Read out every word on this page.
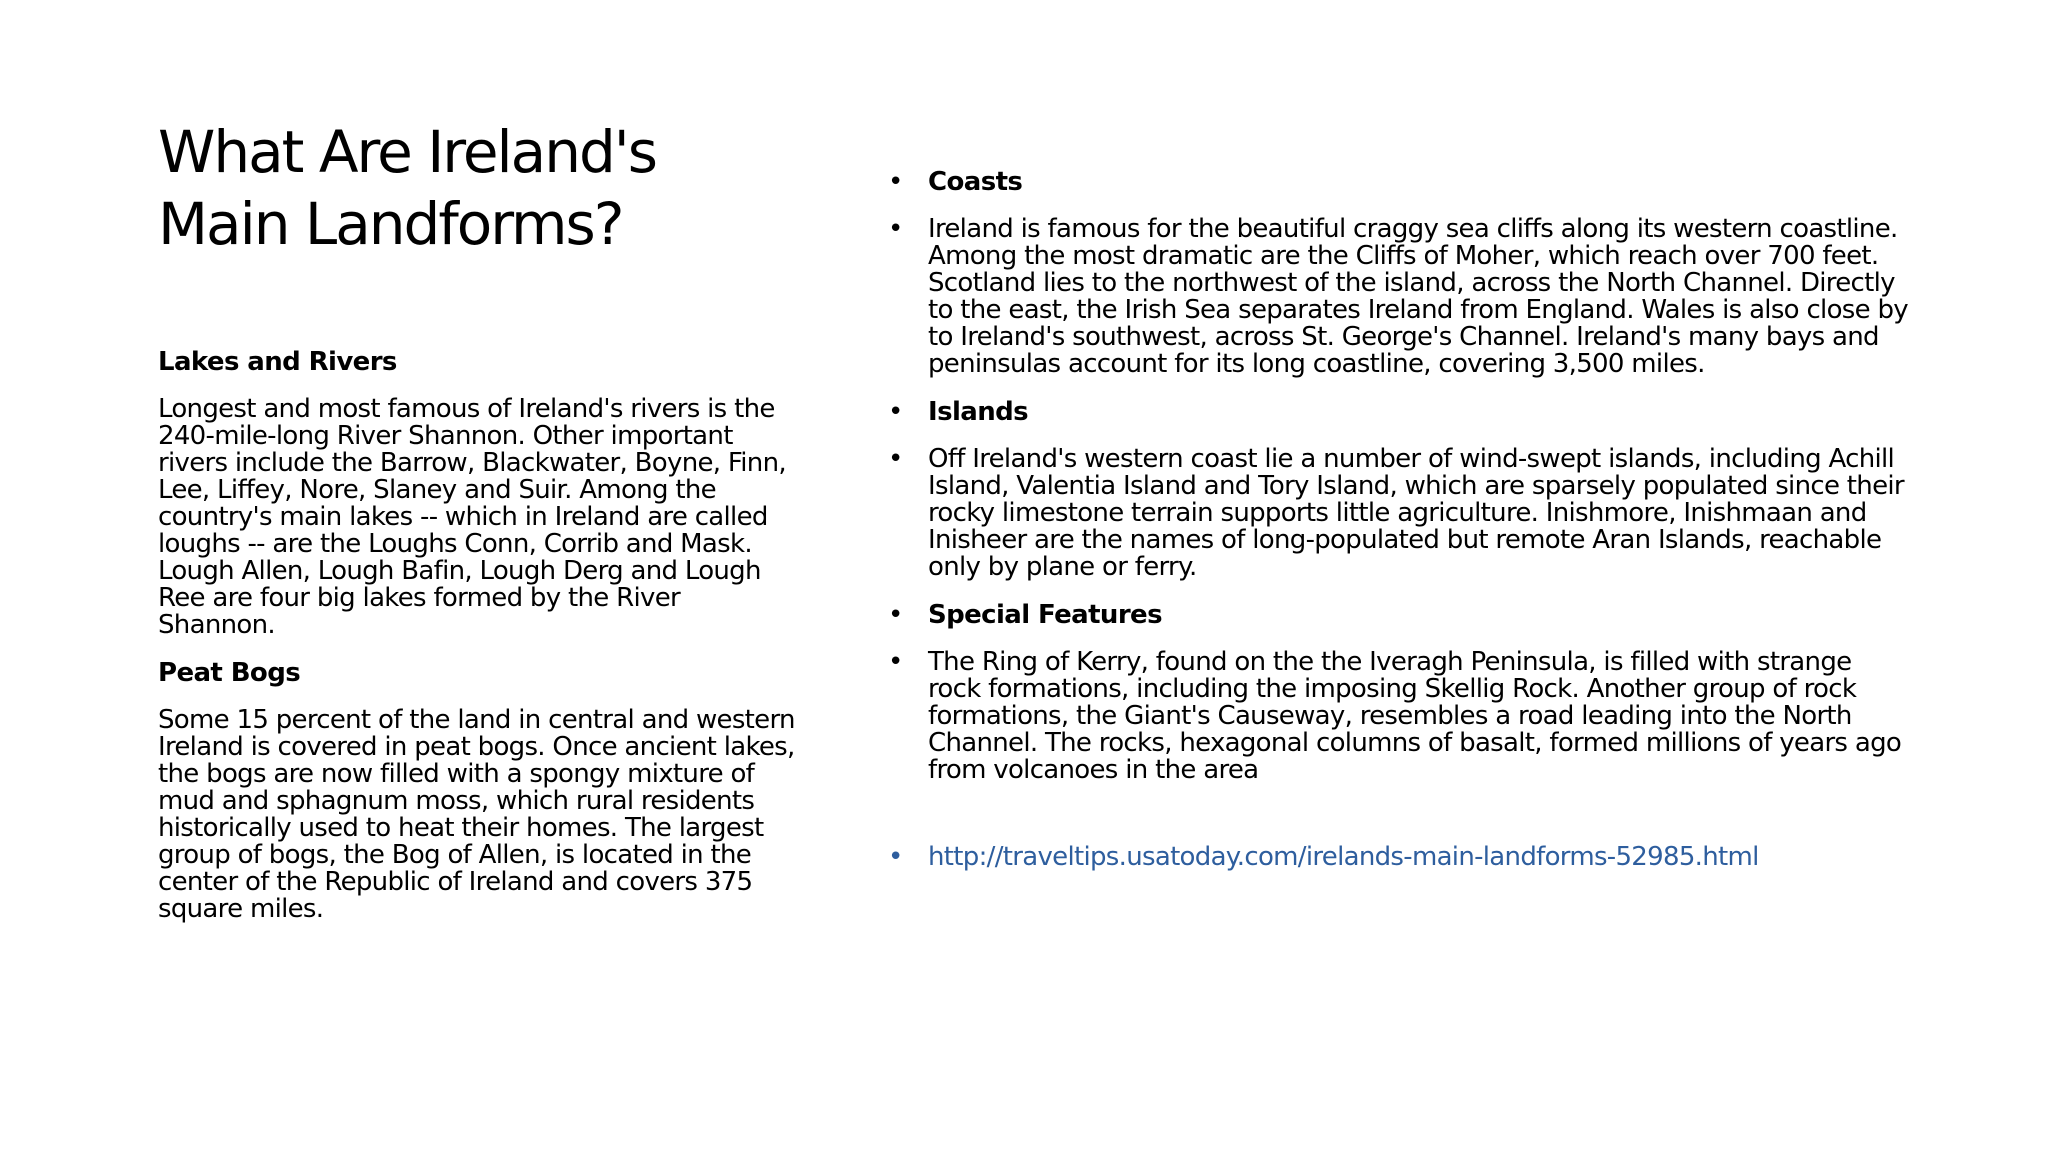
What Are Ireland's
Main Landforms?

Lakes and Rivers

Longest and most famous of Ireland's rivers is the 240-mile-long River Shannon. Other important rivers include the Barrow, Blackwater, Boyne, Finn, Lee, Liffey, Nore, Slaney and Suir. Among the country's main lakes -- which in Ireland are called loughs -- are the Loughs Conn, Corrib and Mask. Lough Allen, Lough Bafin, Lough Derg and Lough Ree are four big lakes formed by the River Shannon.

Peat Bogs

Some 15 percent of the land in central and western Ireland is covered in peat bogs. Once ancient lakes, the bogs are now filled with a spongy mixture of mud and sphagnum moss, which rural residents historically used to heat their homes. The largest group of bogs, the Bog of Allen, is located in the center of the Republic of Ireland and covers 375 square miles.

• Coasts
• Ireland is famous for the beautiful craggy sea cliffs along its western coastline. Among the most dramatic are the Cliffs of Moher, which reach over 700 feet. Scotland lies to the northwest of the island, across the North Channel. Directly to the east, the Irish Sea separates Ireland from England. Wales is also close by to Ireland's southwest, across St. George's Channel. Ireland's many bays and peninsulas account for its long coastline, covering 3,500 miles.
• Islands
• Off Ireland's western coast lie a number of wind-swept islands, including Achill Island, Valentia Island and Tory Island, which are sparsely populated since their rocky limestone terrain supports little agriculture. Inishmore, Inishmaan and Inisheer are the names of long-populated but remote Aran Islands, reachable only by plane or ferry.
• Special Features
• The Ring of Kerry, found on the the Iveragh Peninsula, is filled with strange rock formations, including the imposing Skellig Rock. Another group of rock formations, the Giant's Causeway, resembles a road leading into the North Channel. The rocks, hexagonal columns of basalt, formed millions of years ago from volcanoes in the area
• http://traveltips.usatoday.com/irelands-main-landforms-52985.html
